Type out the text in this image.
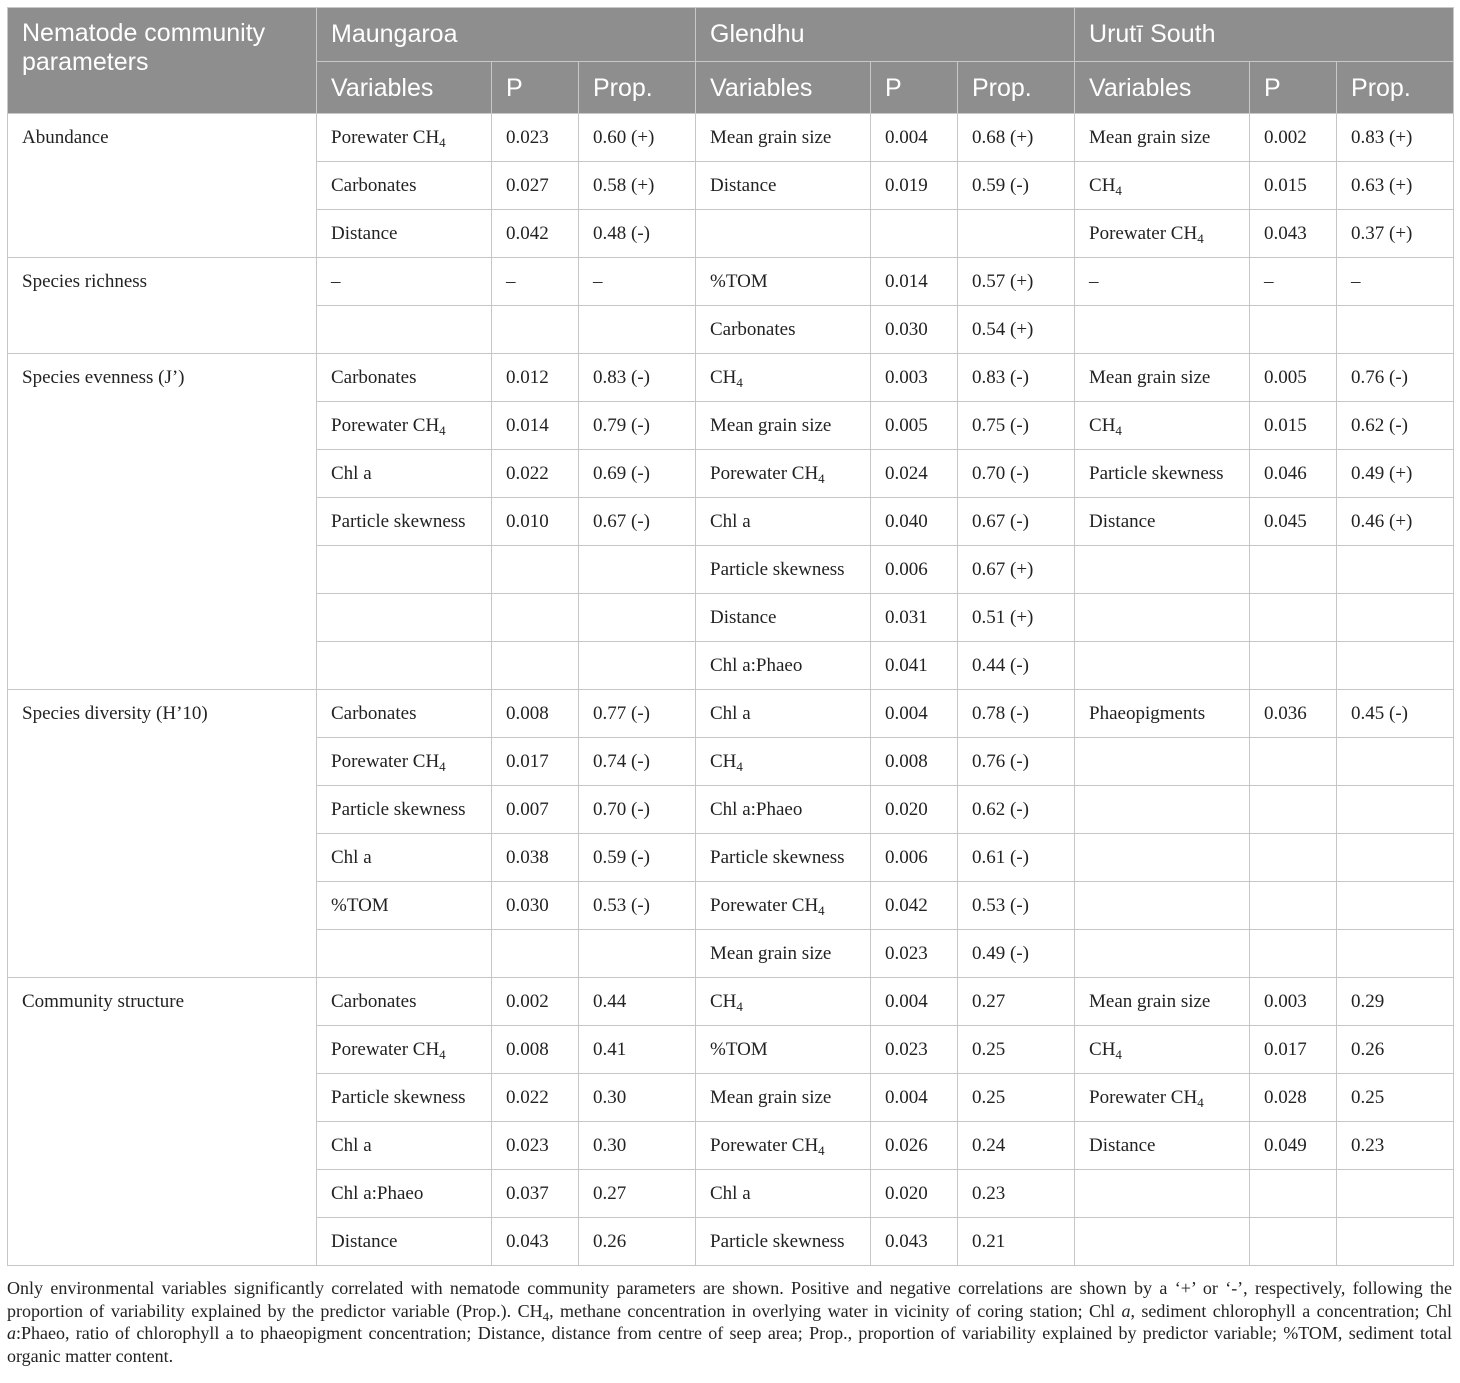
Nematode community parameters	Maungaroa			Glendhu			Urutī South		
	Variables	P	Prop.	Variables	P	Prop.	Variables	P	Prop.
Abundance	Porewater $CH_4$	0.023	0.60 (+)	Mean grain size	0.004	0.68 (+)	Mean grain size	0.002	0.83 (+)
	Carbonates	0.027	0.58 (+)	Distance	0.019	0.59 (-)	$CH_4$	0.015	0.63 (+)
	Distance	0.042	0.48 (-)				Porewater $CH_4$	0.043	0.37 (+)
Species richness	–	–	–	%TOM	0.014	0.57 (+)	–	–	–
				Carbonates	0.030	0.54 (+)			
Species evenness (J’)	Carbonates	0.012	0.83 (-)	$CH_4$	0.003	0.83 (-)	Mean grain size	0.005	0.76 (-)
	Porewater $CH_4$	0.014	0.79 (-)	Mean grain size	0.005	0.75 (-)	$CH_4$	0.015	0.62 (-)
	Chl a	0.022	0.69 (-)	Porewater $CH_4$	0.024	0.70 (-)	Particle skewness	0.046	0.49 (+)
	Particle skewness	0.010	0.67 (-)	Chl a	0.040	0.67 (-)	Distance	0.045	0.46 (+)
				Particle skewness	0.006	0.67 (+)			
				Distance	0.031	0.51 (+)			
				Chl a:Phaeo	0.041	0.44 (-)			
Species diversity (H’10)	Carbonates	0.008	0.77 (-)	Chl a	0.004	0.78 (-)	Phaeopigments	0.036	0.45 (-)
	Porewater $CH_4$	0.017	0.74 (-)	$CH_4$	0.008	0.76 (-)			
	Particle skewness	0.007	0.70 (-)	Chl a:Phaeo	0.020	0.62 (-)			
	Chl a	0.038	0.59 (-)	Particle skewness	0.006	0.61 (-)			
	%TOM	0.030	0.53 (-)	Porewater $CH_4$	0.042	0.53 (-)			
				Mean grain size	0.023	0.49 (-)			
Community structure	Carbonates	0.002	0.44	$CH_4$	0.004	0.27	Mean grain size	0.003	0.29
	Porewater $CH_4$	0.008	0.41	%TOM	0.023	0.25	$CH_4$	0.017	0.26
	Particle skewness	0.022	0.30	Mean grain size	0.004	0.25	Porewater $CH_4$	0.028	0.25
	Chl a	0.023	0.30	Porewater $CH_4$	0.026	0.24	Distance	0.049	0.23
	Chl a:Phaeo	0.037	0.27	Chl a	0.020	0.23			
	Distance	0.043	0.26	Particle skewness	0.043	0.21			

Only environmental variables significantly correlated with nematode community parameters are shown. Positive and negative correlations are shown by a ‘+’ or ‘-’, respectively, following the proportion of variability explained by the predictor variable (Prop.). $CH_4$, methane concentration in overlying water in vicinity of coring station; Chl a, sediment chlorophyll a concentration; Chl a:Phaeo, ratio of chlorophyll a to phaeopigment concentration; Distance, distance from centre of seep area; Prop., proportion of variability explained by predictor variable; %TOM, sediment total organic matter content.
